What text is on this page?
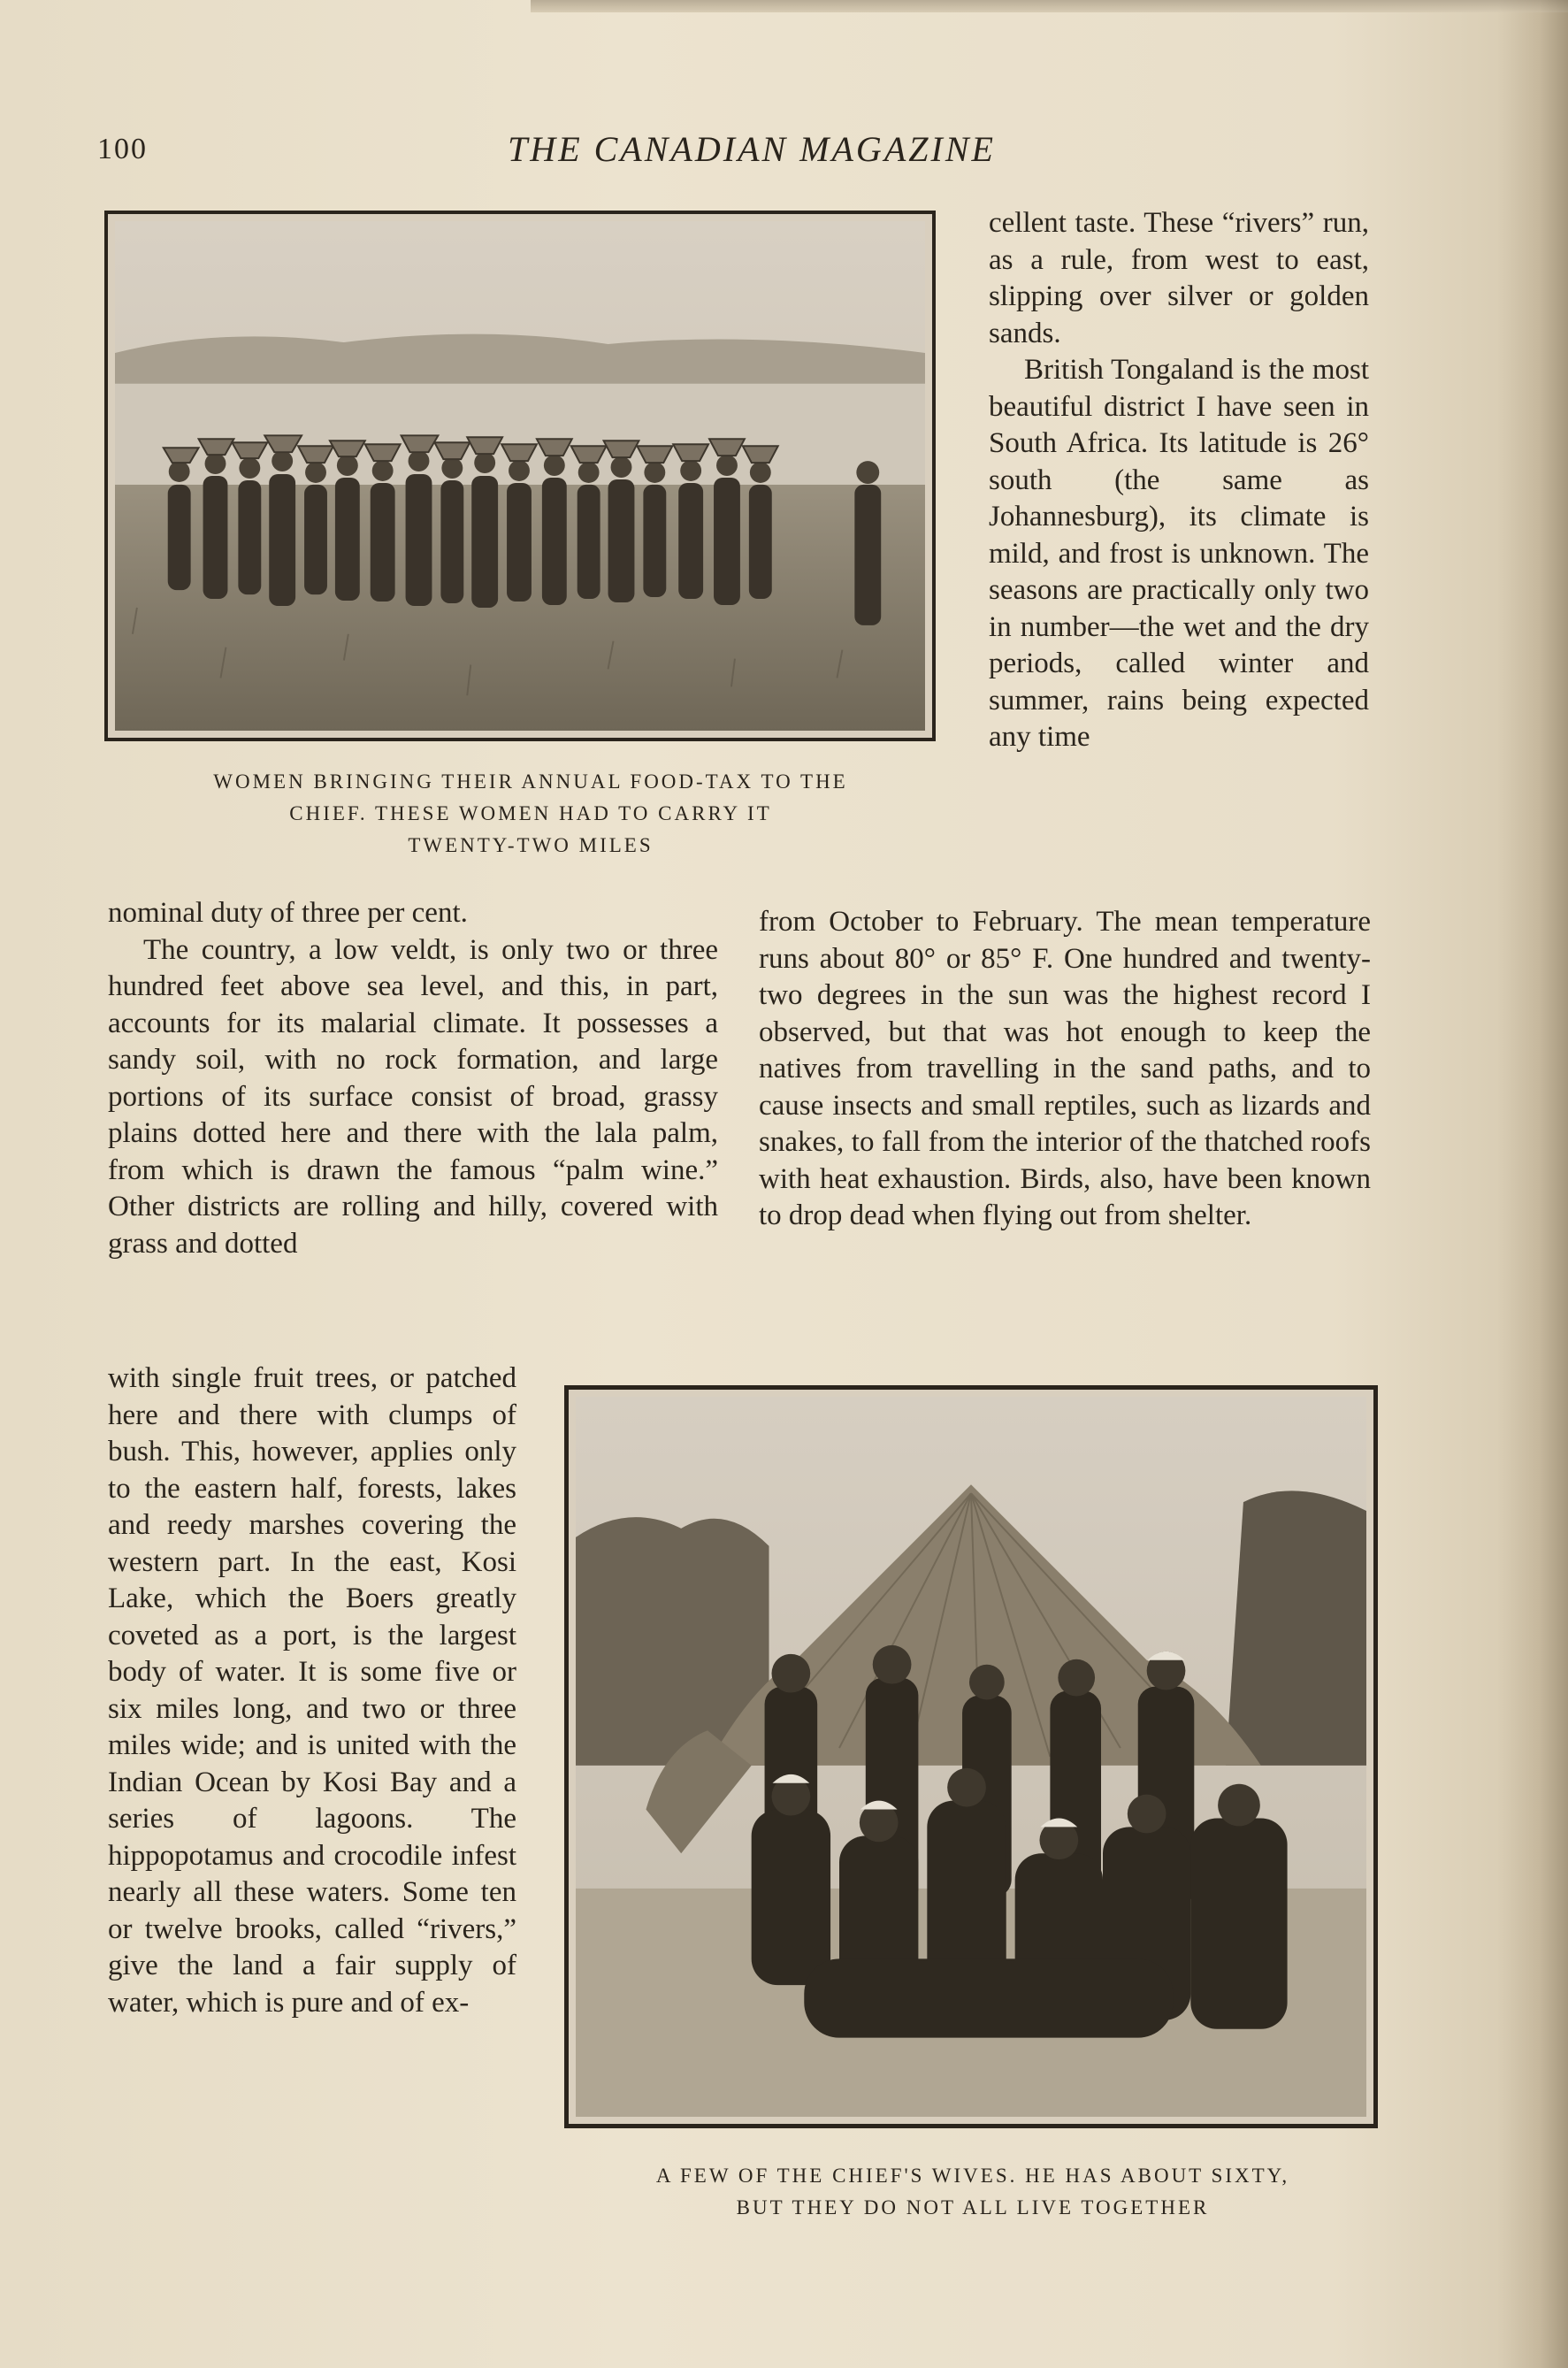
100	THE CANADIAN MAGAZINE
WOMEN BRINGING THEIR ANNUAL FOOD-TAX TO THE
CHIEF. THESE WOMEN HAD TO CARRY IT
TWENTY-TWO MILES

cellent taste. These “rivers” run, as a rule, from west to east, slipping over silver or golden sands.

British Tongaland is the most beautiful district I have seen in South Africa. Its latitude is 26° south (the same as Johannesburg), its climate is mild, and frost is unknown. The seasons are practically only two in number—the wet and the dry periods, called winter and summer, rains being expected any time

from October to February. The mean temperature runs about 80° or 85° F. One hundred and twenty-two degrees in the sun was the highest record I observed, but that was hot enough to keep the natives from travelling in the sand paths, and to cause insects and small reptiles, such as lizards and snakes, to fall from the interior of the thatched roofs with heat exhaustion. Birds, also, have been known to drop dead when flying out from shelter.

nominal duty of three per cent.

The country, a low veldt, is only two or three hundred feet above sea level, and this, in part, accounts for its malarial climate. It possesses a sandy soil, with no rock formation, and large portions of its surface consist of broad, grassy plains dotted here and there with the lala palm, from which is drawn the famous “palm wine.” Other districts are rolling and hilly, covered with grass and dotted

with single fruit trees, or patched here and there with clumps of bush. This, however, applies only to the eastern half, forests, lakes and reedy marshes covering the western part. In the east, Kosi Lake, which the Boers greatly coveted as a port, is the largest body of water. It is some five or six miles long, and two or three miles wide; and is united with the Indian Ocean by Kosi Bay and a series of lagoons. The hippopotamus and crocodile infest nearly all these waters. Some ten or twelve brooks, called “rivers,” give the land a fair supply of water, which is pure and of ex-

A FEW OF THE CHIEF'S WIVES. HE HAS ABOUT SIXTY,
BUT THEY DO NOT ALL LIVE TOGETHER
